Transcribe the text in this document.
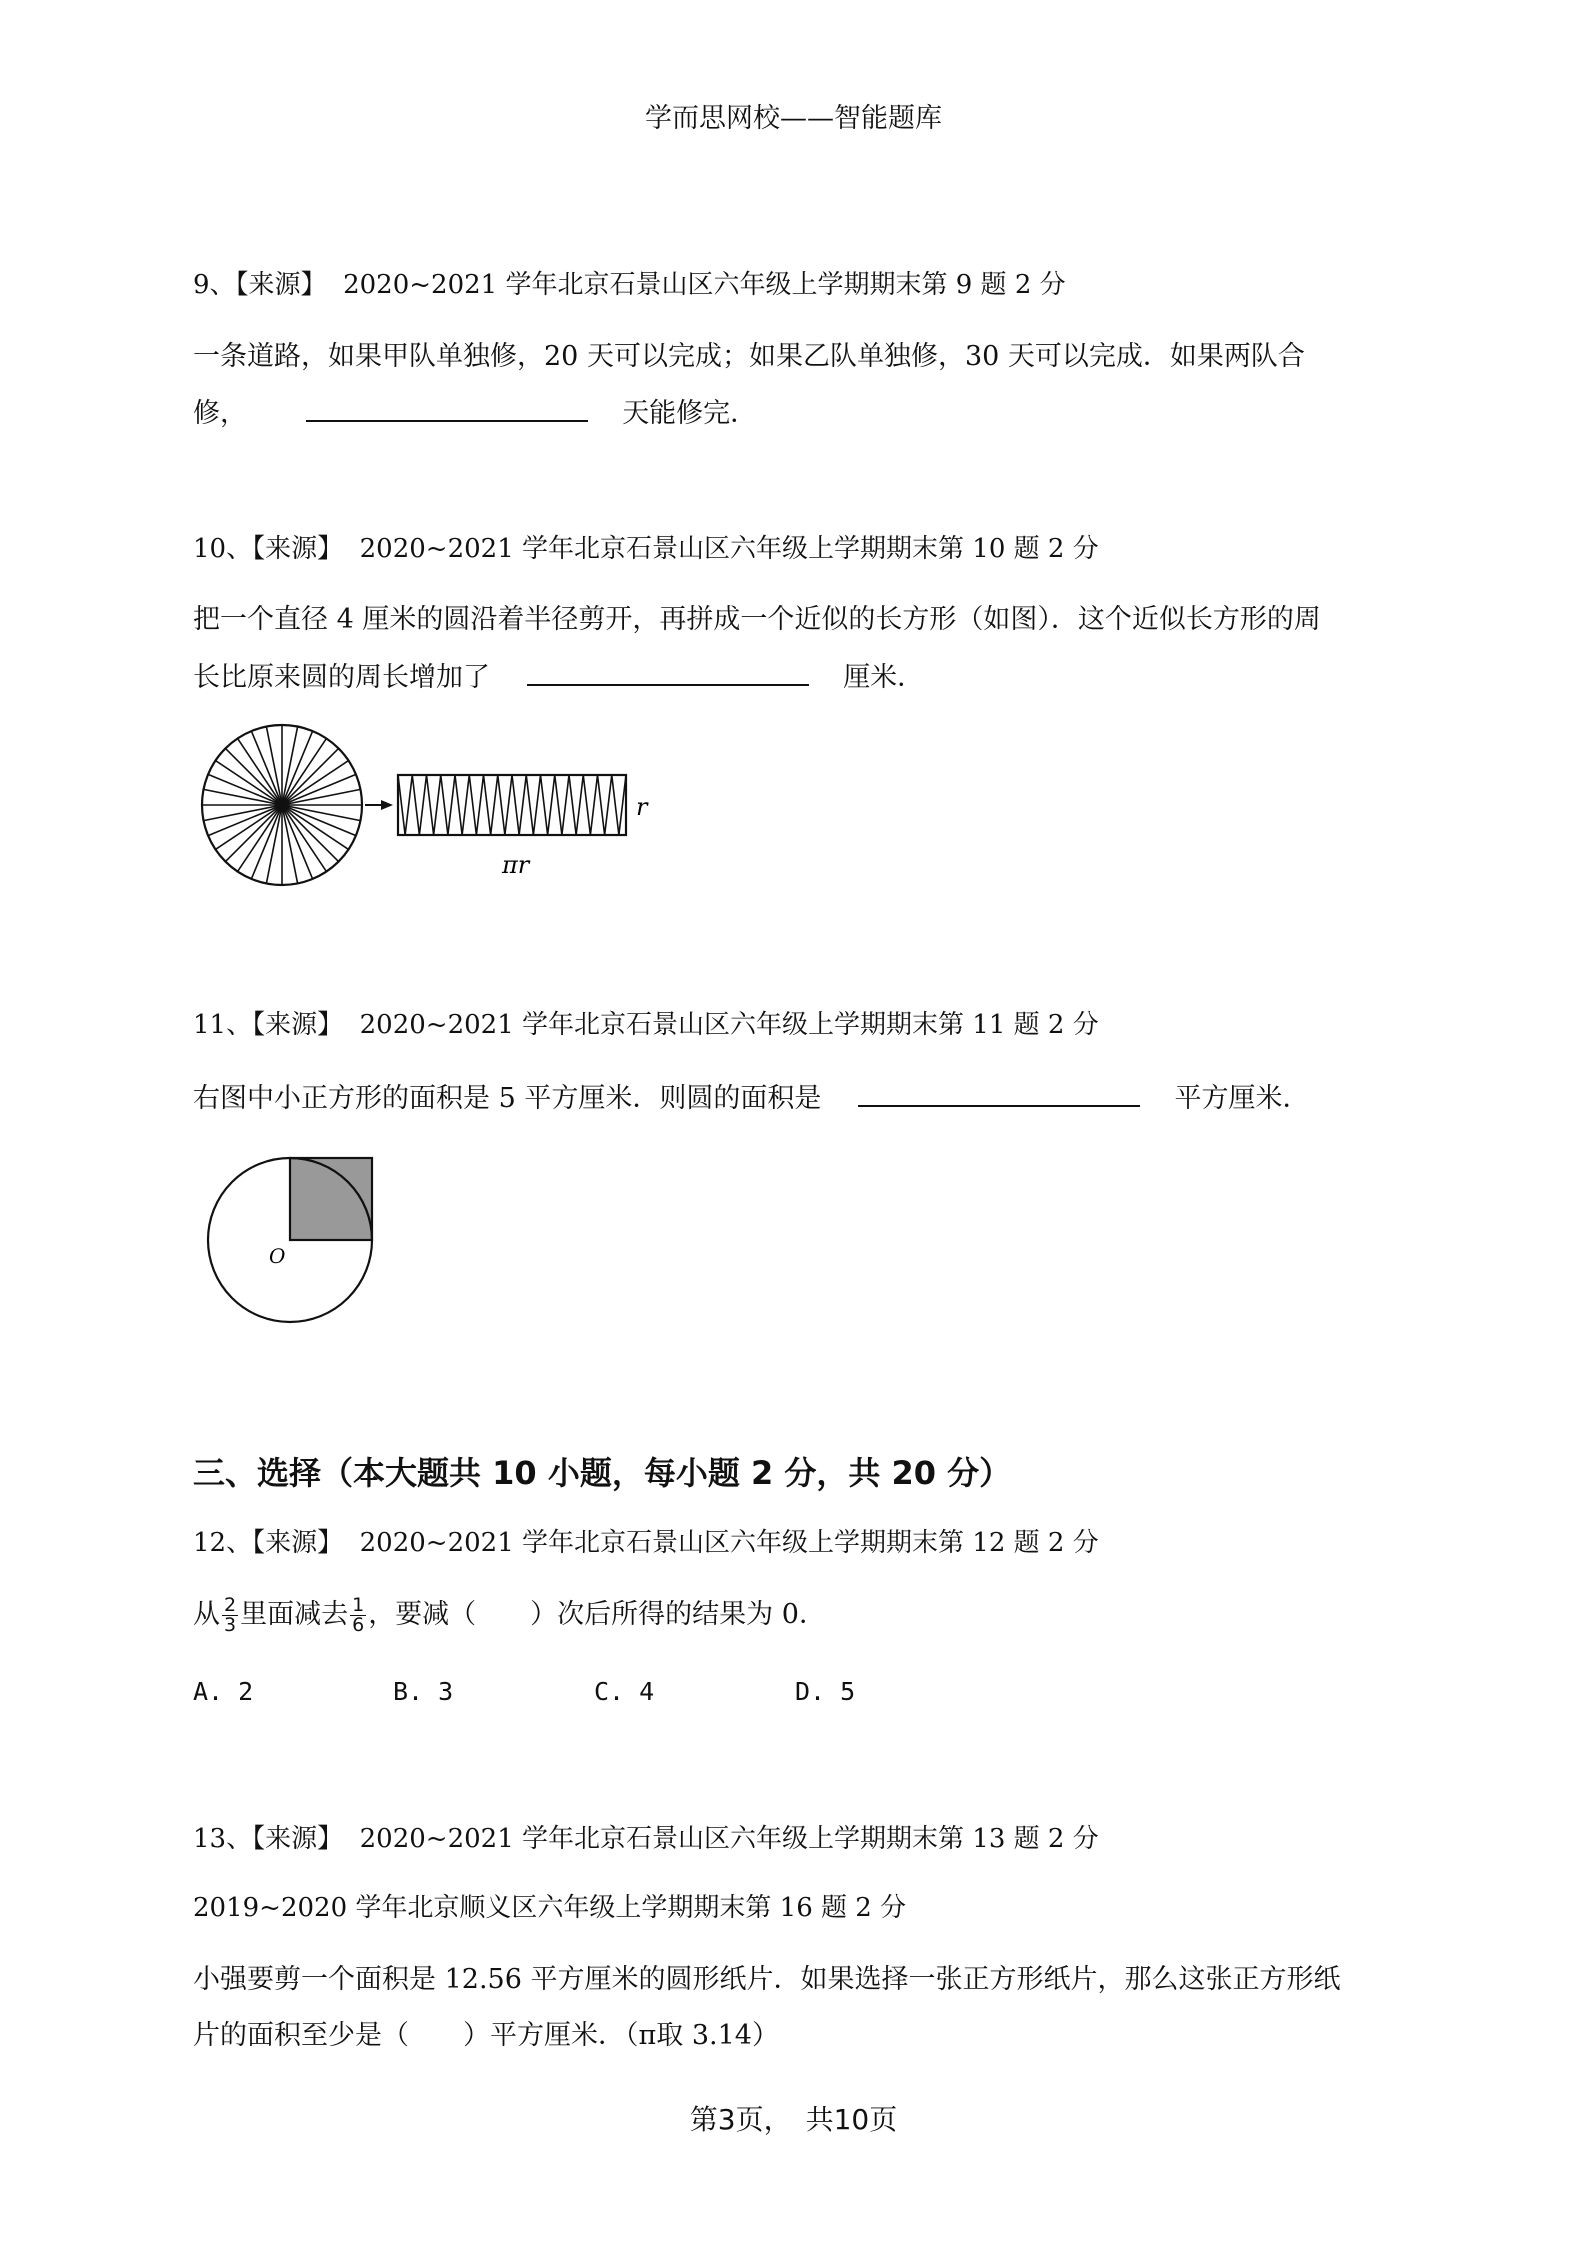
学而思网校——智能题库
9、【来源】 2020~2021 学年北京石景山区六年级上学期期末第 9 题 2 分
一条道路，如果甲队单独修，20 天可以完成；如果乙队单独修，30 天可以完成．如果两队合
修，	天能修完．
10、【来源】 2020~2021 学年北京石景山区六年级上学期期末第 10 题 2 分
把一个直径 4 厘米的圆沿着半径剪开，再拼成一个近似的长方形（如图）．这个近似长方形的周
长比原来圆的周长增加了	厘米．
r
πr
11、【来源】 2020~2021 学年北京石景山区六年级上学期期末第 11 题 2 分
右图中小正方形的面积是 5 平方厘米．则圆的面积是	平方厘米．
O
三、选择（本大题共 10 小题，每小题 2 分，共 20 分）
12、【来源】 2020~2021 学年北京石景山区六年级上学期期末第 12 题 2 分
从 $\frac{2}{3}$ 里面减去 $\frac{1}{6}$ ，要减（　　）次后所得的结果为 0．
A. 2	B. 3	C. 4	D. 5
13、【来源】 2020~2021 学年北京石景山区六年级上学期期末第 13 题 2 分
2019~2020 学年北京顺义区六年级上学期期末第 16 题 2 分
小强要剪一个面积是 12.56 平方厘米的圆形纸片．如果选择一张正方形纸片，那么这张正方形纸
片的面积至少是（　　）平方厘米．（π取 3.14）
第3页，　共10页
